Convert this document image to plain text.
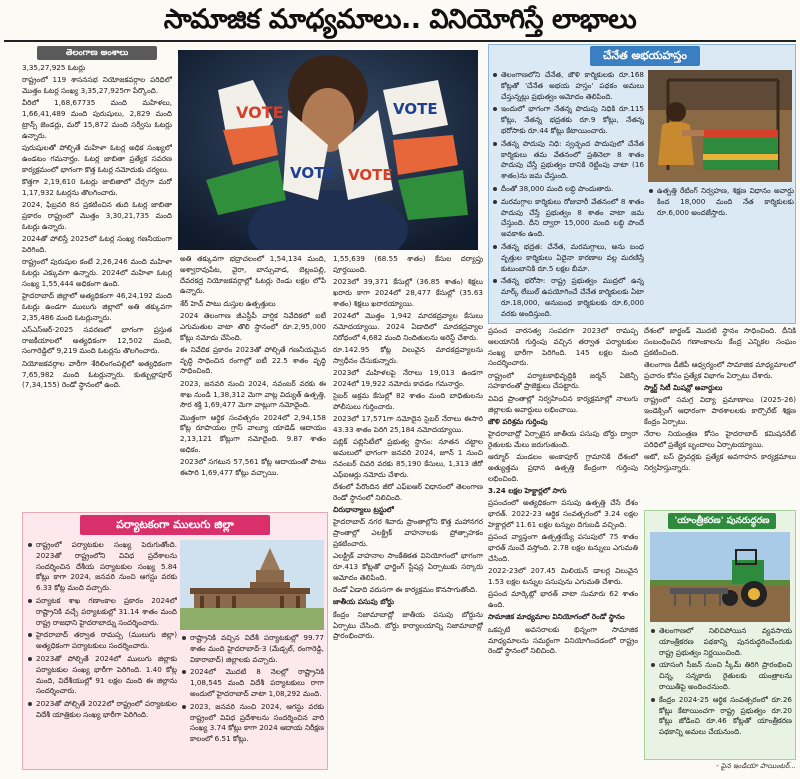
సామాజిక మాధ్యమాలు.. వినియోగిస్తే లాభాలు
తెలంగాణ అంశాలు

3,35,27,925 ఓటర్లు

రాష్ట్రంలో 119 శాసనసభ నియోజకవర్గాల పరిధిలో మొత్తం ఓటర్ల సంఖ్య 3,35,27,925గా పేర్కొంది.

వీరిలో 1,68,67735 మంది మహిళలు, 1,66,41,489 మంది పురుషులు, 2,829 మంది ట్రాన్స్ జెండర్లు, మరో 15,872 మంది సర్వీసు ఓటర్లు ఉన్నారు.

పురుషులతో పోల్చితే మహిళా ఓటర్ల అధిక సంఖ్యలో ఉండటం గమనార్హం. ఓటర్ల జాబితా ప్రత్యేక సవరణ కార్యక్రమంలో భాగంగా కొత్త ఓటర్ల నమోదుకు చర్యలు.

కొత్తగా 2,19,610 ఓటర్లు జాబితాలో చేర్చగా మరో 1,17,932 ఓటర్లను తొలగించారు.

2024, ఫిబ్రవరి 8న ప్రకటించిన తుది ఓటర్ల జాబితా ప్రకారం రాష్ట్రంలో మొత్తం 3,30,21,735 మంది ఓటర్లు ఉన్నారు.

2024తో పోలిస్తే 2025లో ఓటర్ల సంఖ్య గణనీయంగా పెరిగింది.

రాష్ట్రంలో పురుషుల కంటే 2,26,246 మంది మహిళా ఓటర్లు ఎక్కువగా ఉన్నారు. 2024లో మహిళా ఓటర్ల సంఖ్య 1,55,444 అధికంగా ఉంది.

హైదరాబాద్ జిల్లాలో అత్యధికంగా 46,24,192 మంది ఓటర్లు ఉండగా ములుగు జిల్లాలో అతి తక్కువగా 2,35,486 మంది ఓటర్లున్నారు.

ఎస్ఎస్ఆర్-2025 సవరణలో భాగంగా ప్రస్తుత రాజకీయాలలో అత్యధికంగా 12,502 మంది, సంగారెడ్డిలో 9,219 మంది ఓటర్లను తొలగించారు.

నియోజకవర్గాల వారీగా శేరిలింగంపల్లిలో అత్యధికంగా 7,65,982 మంది ఓటర్లున్నారు. కుత్బుల్లాపూర్ (7,34,155) రెండో స్థానంలో ఉంది.

VOTE
VOTE VOTE
VOTE

అతి తక్కువగా భద్రాచలంలో 1,54,134 మంది, అశ్వారావుపేట, వైరా, బాన్సువాడ, బెల్లంపల్లి, దేవరకద్ర నియోజకవర్గాల్లో ఓటర్లు రెండు లక్షల లోపే ఉన్నారు.

శేర్ హెచ్ పాటు దుస్తుల ఉత్పత్తులు

2024 తెలంగాణ జీఎస్డీపీ వార్షిక నివేదికలో ఐటీ ఎగుమతుల వాటా తొలి స్థానంలో రూ.2,95,000 కోట్లు నమోదు చేసింది.

ఈ నివేదిక ప్రకారం 2023తో పోల్చితే గణనీయమైన వృద్ధి సాధించిన రంగాల్లో ఐటీ 22.5 శాతం వృద్ధి సాధించింది.

2023, జనవరి నుంచి 2024, నవంబర్ వరకు ఈ శాఖ నుండి 1,38,312 మెగా వాట్ల విద్యుత్ ఉత్పత్తి, సౌర శక్తి 1,69,477 మెగా వాట్లుగా నమోదైంది.

మొత్తంగా ఆర్థిక సంవత్సరం 2024లో 2,94,158 కోట్ల రూపాయల గ్రాస్ వాల్యూ యాడెడ్ ఆదాయం 2,13,121 కోట్లుగా నమోదైంది. 9.87 శాతం అధికం.

2023లో సగటున 57,561 కోట్ల ఆదాయంతో పాటు ఈసారి 1,69,477 కోట్లు వచ్చాయి.

1,55,639 (68.55 శాతం) కేసుల దర్యాప్తు పూర్తయింది.

2023లో 39,371 కేసుల్లో (36.85 శాతం) శిక్షలు ఖరారు కాగా 2024లో 28,477 కేసుల్లో (35.63 శాతం) శిక్షలు ఖరారయ్యాయి.

2024లో మొత్తం 1,942 మాదకద్రవ్యాల కేసులు నమోదయ్యాయి. 2024 ఏడాదిలో మాదకద్రవ్యాల నిరోధంలో 4,682 మంది నిందితులను అరెస్ట్ చేశారు.

రూ.142.95 కోట్ల విలువైన మాదకద్రవ్యాలను స్వాధీనం చేసుకున్నారు.

2023లో మహిళలపై నేరాలు 19,013 ఉండగా 2024లో 19,922 నమోదు కావడం గమనార్హం.

సైబర్ అక్రమ కేసుల్లో 82 శాతం మంది బాధితులను పోలీసులు గుర్తించారు.

2023లో 17,571గా నమోదైన సైబర్ నేరాలు ఈసారి 43.33 శాతం పెరిగి 25,184 నమోదయ్యాయి.

పబ్లిక్ పబ్లిసిటీలో ప్రభుత్వ స్థానం: నూతన చట్టాల అమలులో భాగంగా జనవరి 2024, జూన్ 1 నుంచి నవంబర్ చివరి వరకు 85,190 కేసులు, 1,313 జీరో ఎఫ్ఐఆర్లు నమోదు చేశారు.

దేశంలో పేరొందిన జీరో ఎఫ్ఐఆర్ విధానంలో తెలంగాణ రెండో స్థానంలో నిలిచింది.

చిరుధాన్యాలు ట్రస్టులో

హైదరాబాద్ నగర శివారు ప్రాంతాల్లోని కొత్త మహానగర ప్రాంతాల్లో ఎలక్ట్రిక్ వాహనాలకు ప్రోత్సాహకం ప్రకటించారు.

ఎలక్ట్రిక్ వాహనాల సాంకేతికత వినియోగంలో భాగంగా రూ.413 కోట్లతో ఛార్జింగ్ స్టేషన్ల ఏర్పాటుకు సర్కారు ఆమోదం తెలిపింది.

రెండో ఏడాది వరుసగా ఈ కార్యక్రమం కొనసాగుతోంది.

జాతీయ పసుపు బోర్డు

కేంద్రం నిజామాబాద్లో జాతీయ పసుపు బోర్డును ఏర్పాటు చేసింది. బోర్డు కార్యాలయాన్ని నిజామాబాద్లో ప్రారంభించారు.

చేనేత అభయహస్తం
తెలంగాణలోని చేనేత, జౌళి కార్మికులకు రూ.168 కోట్లతో 'చేనేత అభయ హస్తం' పథకం అమలు చేస్తున్నట్లు ప్రభుత్వం ఆమోదం తెలిపింది.
ఇందులో భాగంగా నేతన్న పొదుపు నిధికి రూ.115 కోట్లు, నేతన్న భద్రతకు రూ.9 కోట్లు, నేతన్న భరోసాకు రూ.44 కోట్లు కేటాయించారు.
నేతన్న పొదుపు నిధి: స్వచ్ఛంద పొదుపులో చేనేత కార్మికులు తమ వేతనంలో ప్రతినెలా 8 శాతం పొదుపు చేస్తే ప్రభుత్వం దానికి రెట్టింపు వాటా (16 శాతం)ను జమ చేస్తుంది.
దీంతో 38,000 మంది లబ్ధి పొందుతారు.
మరమగ్గాల కార్మికులు రోజువారీ వేతనంలో 8 శాతం పొదుపు చేస్తే ప్రభుత్వం 8 శాతం వాటా జమ చేస్తుంది. దీని ద్వారా 15,000 మంది లబ్ధి పొందే అవకాశం ఉంది.
నేతన్న భద్రత: చేనేత, మరమగ్గాలు, అను బంధ వృత్తుల కార్మికులు ఏదైనా కారణాల వల్ల మరణిస్తే కుటుంబానికి రూ.5 లక్షల బీమా.
నేతన్న భరోసా: రాష్ట్ర ప్రభుత్వం ముద్రలో ఉన్న మార్క్ లేబుల్ ఉపయోగించే చేనేత కార్మికులకు ఏటా రూ.18,000, అనుబంధ కార్మికులకు రూ.6,000 వరకు అందిస్తుంది.
ఉత్పత్తి రేటింగ్ నిర్వహణ, శిక్షణ విధానం అవార్డు కింద 18,000 మంది నేత కార్మికులకు రూ.6,000 అందజేస్తారు.

ప్రపంచ వారసత్వ సంపదగా 2023లో రామప్ప ఆలయానికి గుర్తింపు వచ్చిన తర్వాత పర్యాటకుల సంఖ్య భారీగా పెరిగింది. 145 లక్షల మంది సందర్శించారు.

రాష్ట్రంలో పర్యాటకాభివృద్ధికి జర్మన్ ఏజెన్సీ సహకారంతో ప్రాజెక్టులు చేపట్టారు.

వివిధ ప్రాంతాల్లో నిర్వహించిన కార్యక్రమాల్లో నాలుగు జిల్లాలకు అవార్డులు లభించాయి.

జౌళి పరిశ్రమ గుర్తింపు

హైదరాబాద్లో ఏర్పాటైన జాతీయ పసుపు బోర్డు ద్వారా రైతులకు మేలు జరుగుతుంది.

ఆర్మూర్ మండలం అంకాపూర్ గ్రామానికి దేశంలో అత్యుత్తమ ప్రధాన ఉత్పత్తి కేంద్రంగా గుర్తింపు లభించింది.

3.24 లక్షల హెక్టార్లలో సాగు

ప్రపంచంలో అత్యధికంగా పసుపు ఉత్పత్తి చేసే దేశం భారత్. 2022-23 ఆర్థిక సంవత్సరంలో 3.24 లక్షల హెక్టార్లలో 11.61 లక్షల టన్నుల దిగుబడి వచ్చింది.

ప్రపంచ వ్యాప్తంగా ఉత్పత్తయ్యే పసుపులో 75 శాతం భారత్ నుంచే వస్తోంది. 2.78 లక్షల టన్నులు ఎగుమతి చేసింది.

2022-23లో 207.45 మిలియన్ డాలర్ల విలువైన 1.53 లక్షల టన్నుల పసుపును ఎగుమతి చేశారు.

ప్రపంచ మార్కెట్లో భారత్ వాటా సుమారు 62 శాతం ఉంది.

సామాజిక మాధ్యమాల వినియోగంలో రెండో స్థానం

ఒకప్పటి అవసరాలకు భిన్నంగా సామాజిక మాధ్యమాలను సమర్థంగా వినియోగించడంలో రాష్ట్రం రెండో స్థానంలో నిలిచింది.

దేశంలో జార్ఖండ్ మొదటి స్థానం సాధించింది. దీనికి సంబంధించిన గణాంకాలను కేంద్ర ఎన్నికల సంఘం ప్రకటించింది.

తెలంగాణ డీజీపీ ఆధ్వర్యంలో సామాజిక మాధ్యమాలలో ప్రచారం కోసం ప్రత్యేక విభాగం ఏర్పాటు చేశారు.

స్మార్ట్ సిటీ మిషన్లో అవార్డులు

రాష్ట్రంలో సమగ్ర విద్యా ప్రమాణాలు (2025-26) ఇండెక్సింగ్ ఆధారంగా పాఠశాలలకు కార్పొరేట్ శిక్షణ కేంద్రం ఏర్పాటు.

నేరాల నియంత్రణ కోసం హైదరాబాద్ కమిషనరేట్ పరిధిలో ప్రత్యేక బృందాలు ఏర్పాటయ్యాయి.

ఆటో, బస్ డ్రైవర్లకు ప్రత్యేక అవగాహన కార్యక్రమాలు నిర్వహిస్తున్నారు.

'యాంత్రీకరణ' పునరుద్ధరణ
తెలంగాణలో నిలిచిపోయిన వ్యవసాయ యాంత్రీకరణ పథకాన్ని పునరుద్ధరించేందుకు రాష్ట్ర ప్రభుత్వం నిర్ణయించింది.
యాసంగి సీజన్ నుంచి స్కీమ్ తిరిగి ప్రారంభించి చిన్న, సన్నకారు రైతులకు యంత్రాలను రాయితీపై అందించనుంది.
కేంద్రం 2024-25 ఆర్థిక సంవత్సరంలో రూ.26 కోట్లు కేటాయించగా రాష్ట్ర ప్రభుత్వం రూ.20 కోట్లు జోడించి రూ.46 కోట్లతో యాంత్రీకరణ పథకాన్ని అమలు చేయనుంది.
- పైన ఇండియా పాయింటర్...
పర్యాటకంగా ములుగు జిల్లా
రాష్ట్రంలో పర్యాటకుల సంఖ్య పెరుగుతోంది. 2023తో రాష్ట్రంలోని వివిధ ప్రదేశాలను సందర్శించిన దేశీయ పర్యాటకుల సంఖ్య 5.84 కోట్లు కాగా 2024, జనవరి నుంచి ఆగస్టు వరకు 6.33 కోట్ల మంది వచ్చారు.
పర్యాటక శాఖ గణాంకాల ప్రకారం 2024లో రాష్ట్రానికి వచ్చే పర్యాటకుల్లో 31.14 శాతం మంది రాష్ట్ర రాజధాని హైదరాబాద్ను సందర్శించారు.
హైదరాబాద్ తర్వాత రామప్ప (ములుగు జిల్లా) అత్యధికంగా పర్యాటకులు సందర్శించారు.
2023తో పోల్చితే 2024లో ములుగు జిల్లాకు పర్యాటకుల సంఖ్య భారీగా పెరిగింది. 1.40 కోట్ల మంది, విదేశీయుల్లో 91 లక్షల మంది ఈ జిల్లాను సందర్శించారు.
2023తో పోల్చితే 2022లో రాష్ట్రంలో పర్యాటకుల విదేశీ యాత్రికుల సంఖ్య భారీగా పెరిగింది.
రాష్ట్రానికి వచ్చిన విదేశీ పర్యాటకుల్లో 99.77 శాతం మంది హైదరాబాద్-3 (మేడ్చల్, రంగారెడ్డి, వికారాబాద్) జిల్లాలకు వచ్చారు.
2024లో మొదటి 8 నెలల్లో రాష్ట్రానికి 1,08,545 మంది విదేశీ పర్యాటకులు రాగా అందులో హైదరాబాద్ వాటా 1,08,292 మంది.
2023, జనవరి నుంచి 2024, ఆగస్టు వరకు రాష్ట్రంలో వివిధ ప్రదేశాలను సందర్శించిన వారి సంఖ్య 3.74 కోట్లు కాగా 2024 ఆదాయ నిరీక్షణ కాలంలో 6.51 కోట్లు.
